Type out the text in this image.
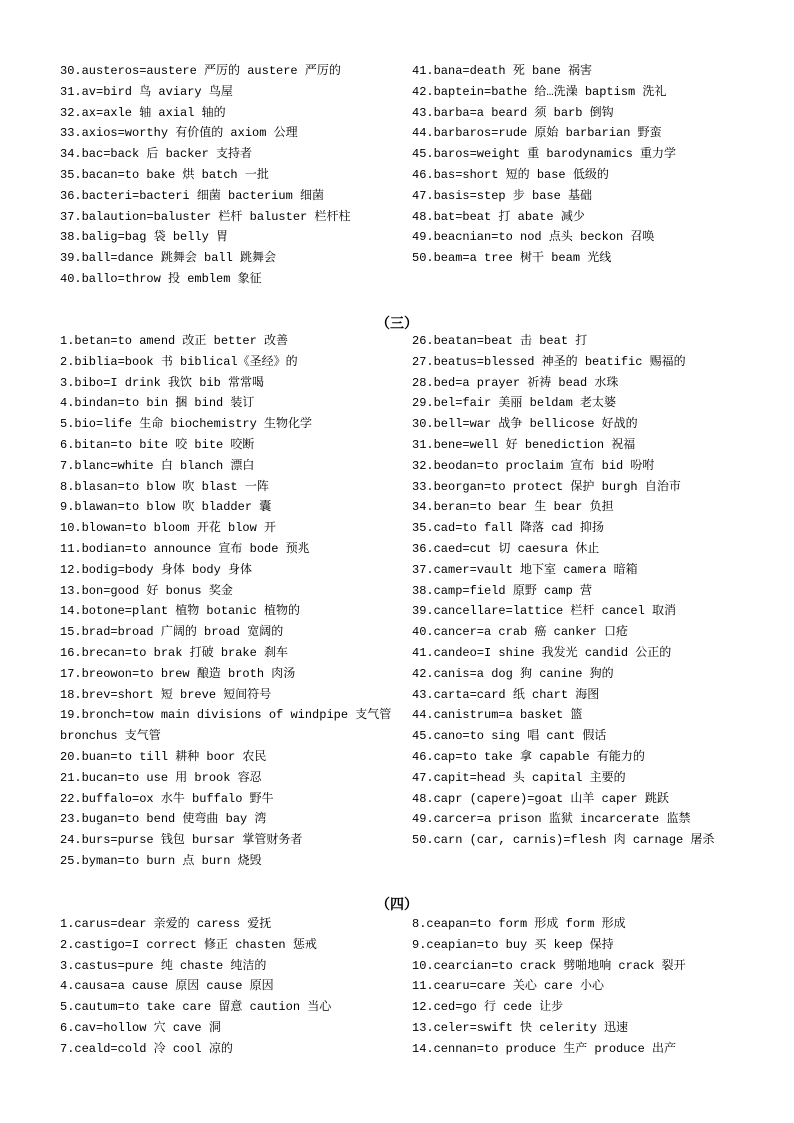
30.austeros=austere 严厉的 austere 严厉的
31.av=bird 鸟 aviary 鸟屋
32.ax=axle 轴 axial 轴的
33.axios=worthy 有价值的 axiom 公理
34.bac=back 后 backer 支持者
35.bacan=to bake 烘 batch 一批
36.bacteri=bacteri 细菌 bacterium 细菌
37.balaution=baluster 栏杆 baluster 栏杆柱
38.balig=bag 袋 belly 胃
39.ball=dance 跳舞会 ball 跳舞会
40.ballo=throw 投 emblem 象征
41.bana=death 死 bane 祸害
42.baptein=bathe 给…洗澡 baptism 洗礼
43.barba=a beard 须 barb 倒钩
44.barbaros=rude 原始 barbarian 野蛮
45.baros=weight 重 barodynamics 重力学
46.bas=short 短的 base 低级的
47.basis=step 步 base 基础
48.bat=beat 打 abate 减少
49.beacnian=to nod 点头 beckon 召唤
50.beam=a tree 树干 beam 光线
（三）
1.betan=to amend 改正 better 改善
2.biblia=book 书 biblical《圣经》的
3.bibo=I drink 我饮 bib 常常喝
4.bindan=to bin 捆 bind 装订
5.bio=life 生命 biochemistry 生物化学
6.bitan=to bite 咬 bite 咬断
7.blanc=white 白 blanch 漂白
8.blasan=to blow 吹 blast 一阵
9.blawan=to blow 吹 bladder 囊
10.blowan=to bloom 开花 blow 开
11.bodian=to announce 宣布 bode 预兆
12.bodig=body 身体 body 身体
13.bon=good 好 bonus 奖金
14.botone=plant 植物 botanic 植物的
15.brad=broad 广阔的 broad 宽阔的
16.brecan=to brak 打破 brake 刹车
17.breowon=to brew 酿造 broth 肉汤
18.brev=short 短 breve 短间符号
19.bronch=tow main divisions of windpipe 支气管
bronchus 支气管
20.buan=to till 耕种 boor 农民
21.bucan=to use 用 brook 容忍
22.buffalo=ox 水牛 buffalo 野牛
23.bugan=to bend 使弯曲 bay 湾
24.burs=purse 钱包 bursar 掌管财务者
25.byman=to burn 点 burn 烧毁
26.beatan=beat 击 beat 打
27.beatus=blessed 神圣的 beatific 赐福的
28.bed=a prayer 祈祷 bead 水珠
29.bel=fair 美丽 beldam 老太婆
30.bell=war 战争 bellicose 好战的
31.bene=well 好 benediction 祝福
32.beodan=to proclaim 宣布 bid 吩咐
33.beorgan=to protect 保护 burgh 自治市
34.beran=to bear 生 bear 负担
35.cad=to fall 降落 cad 抑扬
36.caed=cut 切 caesura 休止
37.camer=vault 地下室 camera 暗箱
38.camp=field 原野 camp 营
39.cancellare=lattice 栏杆 cancel 取消
40.cancer=a crab 癌 canker 口疮
41.candeo=I shine 我发光 candid 公正的
42.canis=a dog 狗 canine 狗的
43.carta=card 纸 chart 海图
44.canistrum=a basket 篮
45.cano=to sing 唱 cant 假话
46.cap=to take 拿 capable 有能力的
47.capit=head 头 capital 主要的
48.capr (capere)=goat 山羊 caper 跳跃
49.carcer=a prison 监狱 incarcerate 监禁
50.carn (car, carnis)=flesh 肉 carnage 屠杀
（四）
1.carus=dear 亲爱的 caress 爱抚
2.castigo=I correct 修正 chasten 惩戒
3.castus=pure 纯 chaste 纯洁的
4.causa=a cause 原因 cause 原因
5.cautum=to take care 留意 caution 当心
6.cav=hollow 穴 cave 洞
7.ceald=cold 冷 cool 凉的
8.ceapan=to form 形成 form 形成
9.ceapian=to buy 买 keep 保持
10.cearcian=to crack 劈啪地响 crack 裂开
11.cearu=care 关心 care 小心
12.ced=go 行 cede 让步
13.celer=swift 快 celerity 迅速
14.cennan=to produce 生产 produce 出产
